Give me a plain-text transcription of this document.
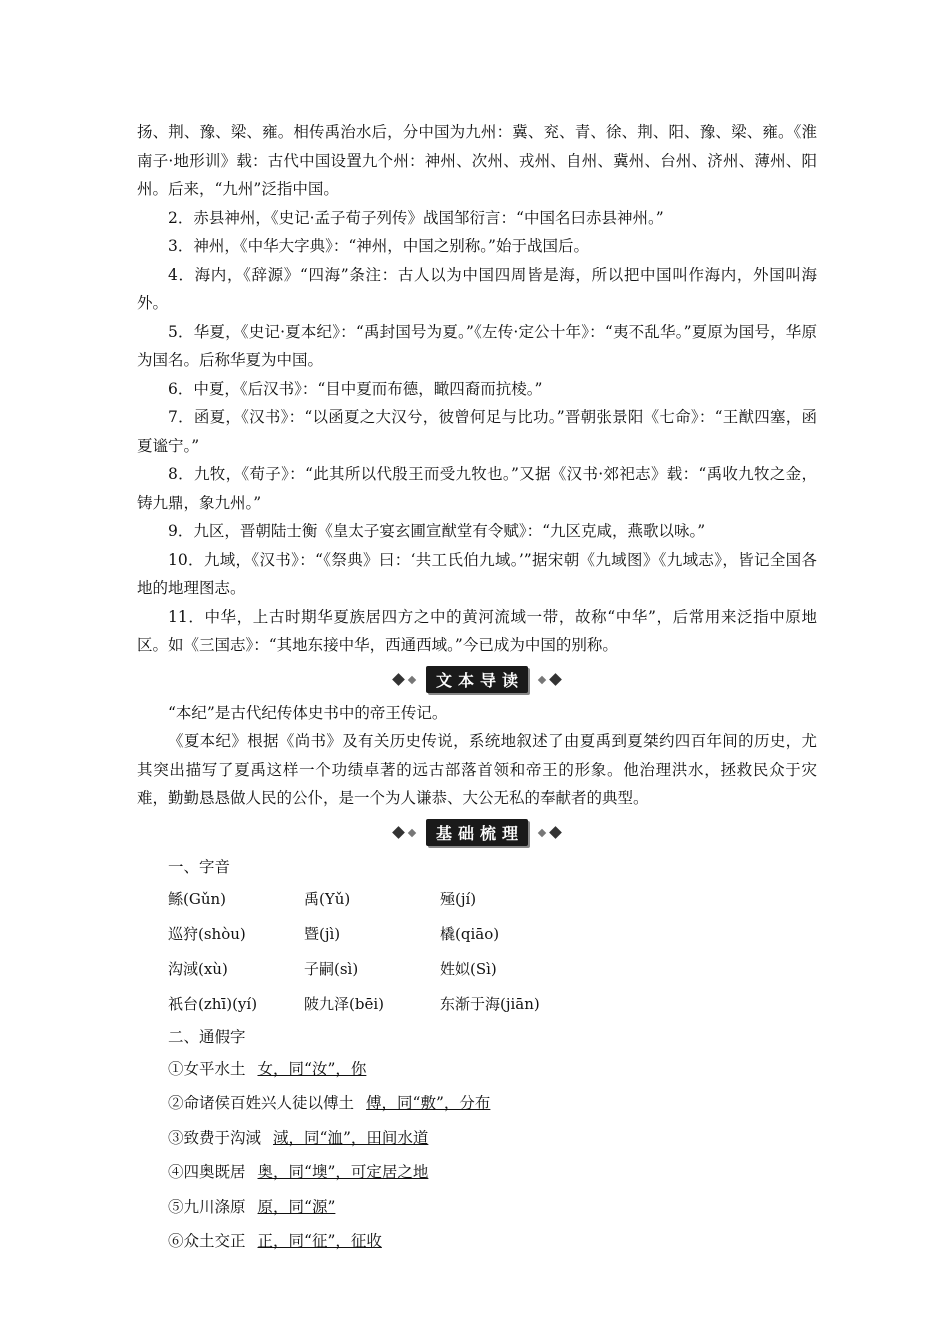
扬、荆、豫、梁、雍。相传禹治水后，分中国为九州：冀、兖、青、徐、荆、阳、豫、梁、雍。《淮南子·地形训》载：古代中国设置九个州：神州、次州、戎州、自州、冀州、台州、济州、薄州、阳州。后来，“九州”泛指中国。

2．赤县神州，《史记·孟子荀子列传》战国邹衍言：“中国名曰赤县神州。”

3．神州，《中华大字典》：“神州，中国之别称。”始于战国后。

4．海内，《辞源》“四海”条注：古人以为中国四周皆是海，所以把中国叫作海内，外国叫海外。

5．华夏，《史记·夏本纪》：“禹封国号为夏。”《左传·定公十年》：“夷不乱华。”夏原为国号，华原为国名。后称华夏为中国。

6．中夏，《后汉书》：“目中夏而布德，瞰四裔而抗棱。”

7．函夏，《汉书》：“以函夏之大汉兮，彼曾何足与比功。”晋朝张景阳《七命》：“王猷四塞，函夏谧宁。”

8．九牧，《荀子》：“此其所以代殷王而受九牧也。”又据《汉书·郊祀志》载：“禹收九牧之金，铸九鼎，象九州。”

9．九区，晋朝陆士衡《皇太子宴玄圃宣猷堂有令赋》：“九区克咸，燕歌以咏。”

10．九域，《汉书》：“《祭典》曰：‘共工氏伯九域。’”据宋朝《九域图》《九域志》，皆记全国各地的地理图志。

11．中华，上古时期华夏族居四方之中的黄河流域一带，故称“中华”，后常用来泛指中原地区。如《三国志》：“其地东接中华，西通西域。”今已成为中国的别称。

文本导读

“本纪”是古代纪传体史书中的帝王传记。

《夏本纪》根据《尚书》及有关历史传说，系统地叙述了由夏禹到夏桀约四百年间的历史，尤其突出描写了夏禹这样一个功绩卓著的远古部落首领和帝王的形象。他治理洪水，拯救民众于灾难，勤勤恳恳做人民的公仆，是一个为人谦恭、大公无私的奉献者的典型。

基础梳理
一、字音
鲧(Gǔn)	禹(Yǔ)	殛(jí)
巡狩(shòu)	暨(jì)	橇(qiāo)
沟淢(xù)	子嗣(sì)	姓姒(Sì)
祇台(zhī)(yí)	陂九泽(bēi)	东渐于海(jiān)
二、通假字
①女平水土 女，同“汝”，你
②命诸侯百姓兴人徒以傅土 傅，同“敷”，分布
③致费于沟淢 淢，同“洫”，田间水道
④四奥既居 奥，同“墺”，可定居之地
⑤九川涤原 原，同“源”
⑥众土交正 正，同“征”，征收
